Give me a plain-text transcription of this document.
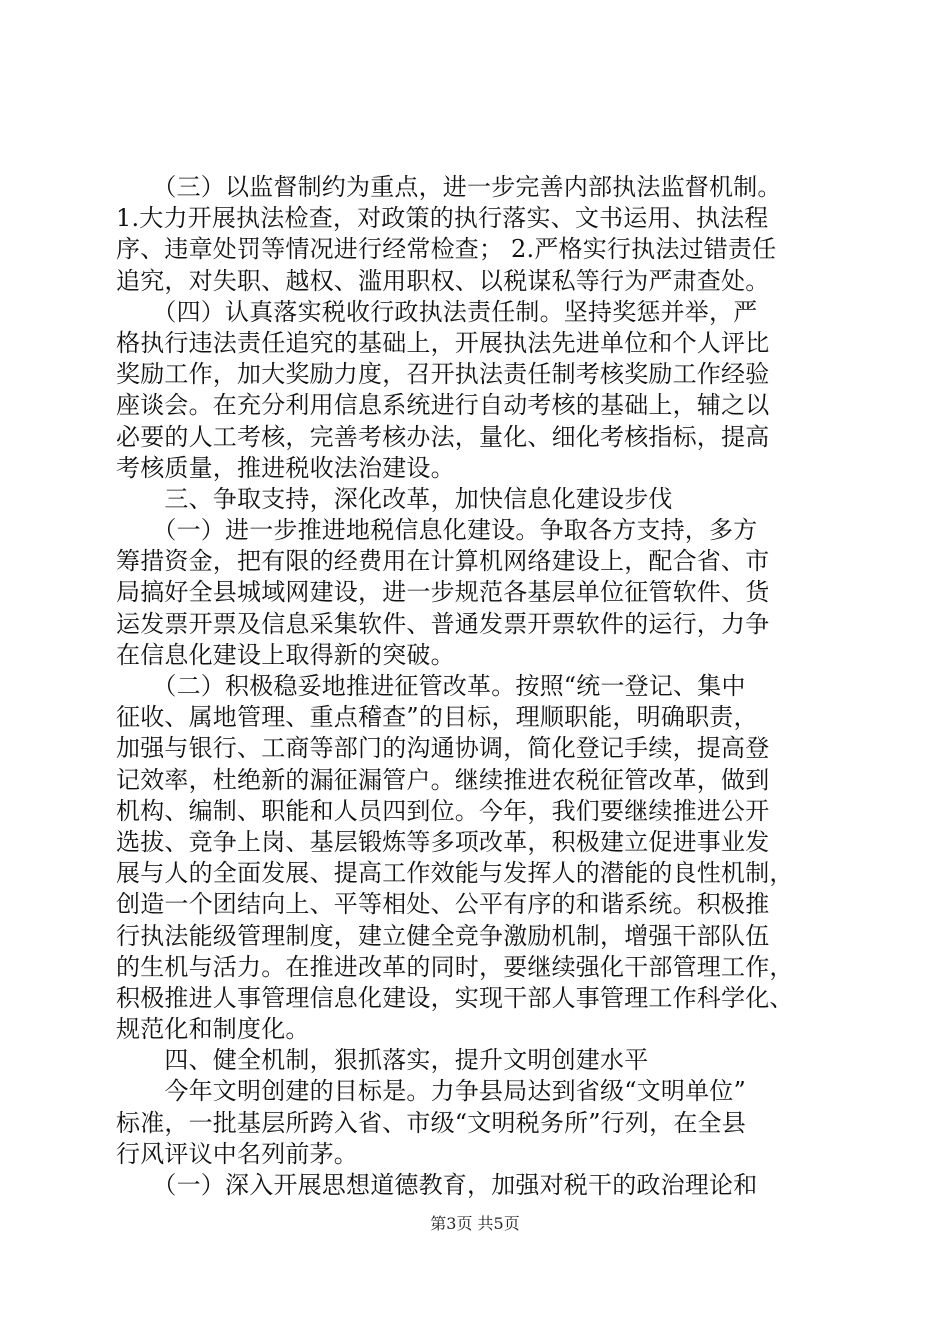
　　（三）以监督制约为重点，进一步完善内部执法监督机制。
1.大力开展执法检查，对政策的执行落实、文书运用、执法程
序、违章处罚等情况进行经常检查； 2.严格实行执法过错责任
追究，对失职、越权、滥用职权、以税谋私等行为严肃查处。
　　（四）认真落实税收行政执法责任制。坚持奖惩并举，严
格执行违法责任追究的基础上，开展执法先进单位和个人评比
奖励工作，加大奖励力度，召开执法责任制考核奖励工作经验
座谈会。在充分利用信息系统进行自动考核的基础上，辅之以
必要的人工考核，完善考核办法，量化、细化考核指标，提高
考核质量，推进税收法治建设。
　　三、争取支持，深化改革，加快信息化建设步伐
　　（一）进一步推进地税信息化建设。争取各方支持，多方
筹措资金，把有限的经费用在计算机网络建设上，配合省、市
局搞好全县城域网建设，进一步规范各基层单位征管软件、货
运发票开票及信息采集软件、普通发票开票软件的运行，力争
在信息化建设上取得新的突破。
　　（二）积极稳妥地推进征管改革。按照“统一登记、集中
征收、属地管理、重点稽查”的目标，理顺职能，明确职责，
加强与银行、工商等部门的沟通协调，简化登记手续，提高登
记效率，杜绝新的漏征漏管户。继续推进农税征管改革，做到
机构、编制、职能和人员四到位。今年，我们要继续推进公开
选拔、竞争上岗、基层锻炼等多项改革，积极建立促进事业发
展与人的全面发展、提高工作效能与发挥人的潜能的良性机制，
创造一个团结向上、平等相处、公平有序的和谐系统。积极推
行执法能级管理制度，建立健全竞争激励机制，增强干部队伍
的生机与活力。在推进改革的同时，要继续强化干部管理工作，
积极推进人事管理信息化建设，实现干部人事管理工作科学化、
规范化和制度化。
　　四、健全机制，狠抓落实，提升文明创建水平
　　今年文明创建的目标是。力争县局达到省级“文明单位”
标准，一批基层所跨入省、市级“文明税务所”行列，在全县
行风评议中名列前茅。
　　（一）深入开展思想道德教育，加强对税干的政治理论和
第3页 共5页
